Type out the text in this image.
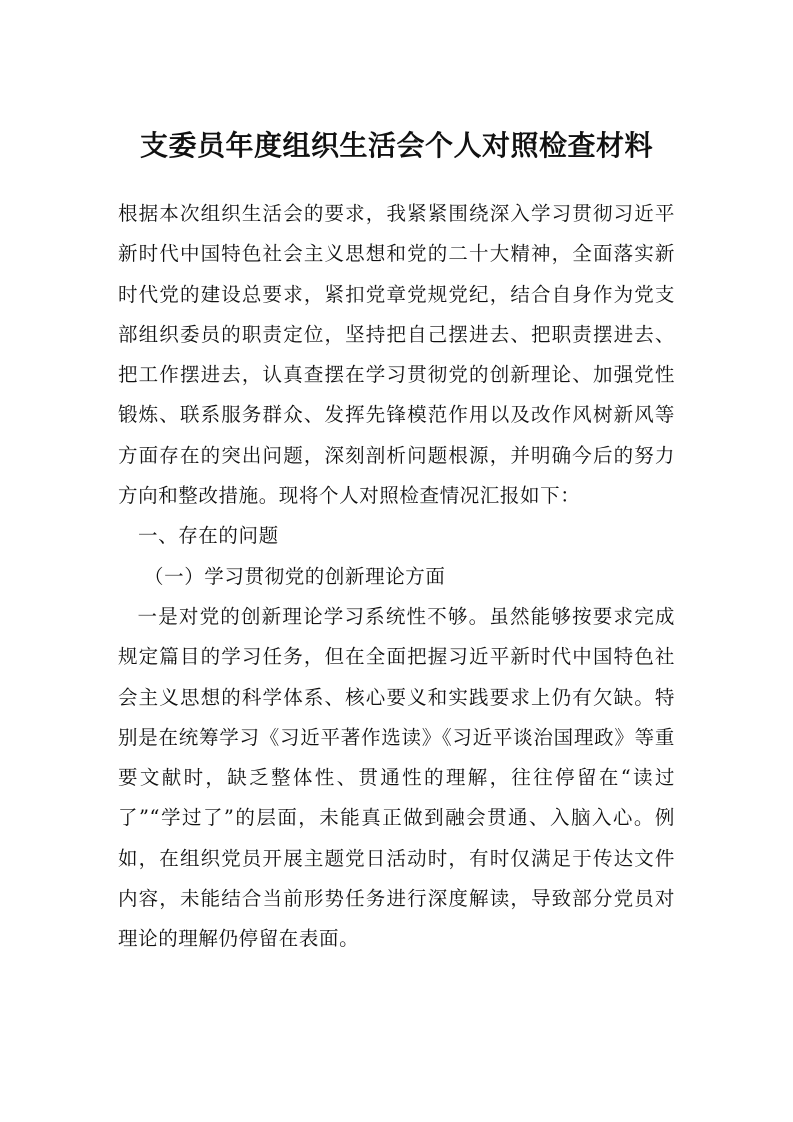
支委员年度组织生活会个人对照检查材料

根据本次组织生活会的要求，我紧紧围绕深入学习贯彻习近平新时代中国特色社会主义思想和党的二十大精神，全面落实新时代党的建设总要求，紧扣党章党规党纪，结合自身作为党支部组织委员的职责定位，坚持把自己摆进去、把职责摆进去、把工作摆进去，认真查摆在学习贯彻党的创新理论、加强党性锻炼、联系服务群众、发挥先锋模范作用以及改作风树新风等方面存在的突出问题，深刻剖析问题根源，并明确今后的努力方向和整改措施。现将个人对照检查情况汇报如下：

一、存在的问题

（一）学习贯彻党的创新理论方面

一是对党的创新理论学习系统性不够。虽然能够按要求完成规定篇目的学习任务，但在全面把握习近平新时代中国特色社会主义思想的科学体系、核心要义和实践要求上仍有欠缺。特别是在统筹学习《习近平著作选读》《习近平谈治国理政》等重要文献时，缺乏整体性、贯通性的理解，往往停留在“读过了”“学过了”的层面，未能真正做到融会贯通、入脑入心。例如，在组织党员开展主题党日活动时，有时仅满足于传达文件内容，未能结合当前形势任务进行深度解读，导致部分党员对理论的理解仍停留在表面。
